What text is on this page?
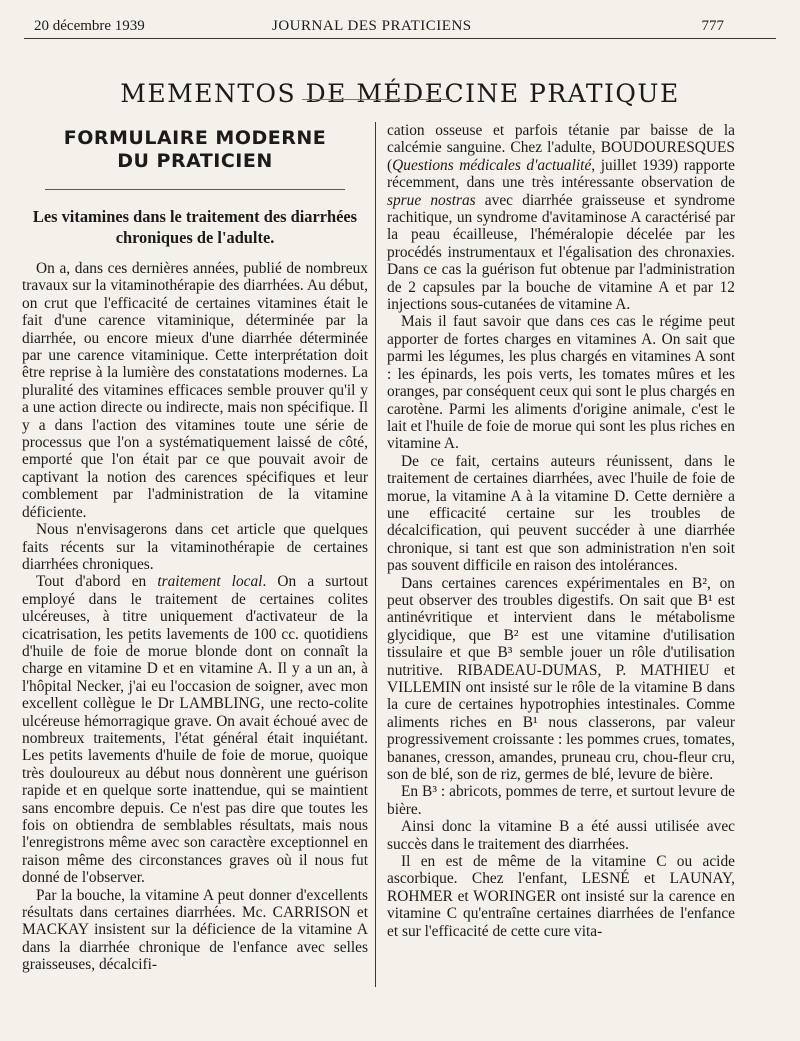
20 décembre 1939	JOURNAL DES PRATICIENS	777
MEMENTOS DE MÉDECINE PRATIQUE
FORMULAIRE MODERNE
DU PRATICIEN
Les vitamines dans le traitement des diarrhées
chroniques de l'adulte.

On a, dans ces dernières années, publié de nombreux travaux sur la vitaminothérapie des diarrhées. Au début, on crut que l'efficacité de certaines vitamines était le fait d'une carence vitaminique, déterminée par la diarrhée, ou encore mieux d'une diarrhée déterminée par une carence vitaminique. Cette interprétation doit être reprise à la lumière des constatations modernes. La pluralité des vitamines efficaces semble prouver qu'il y a une action directe ou indirecte, mais non spécifique. Il y a dans l'action des vitamines toute une série de processus que l'on a systématiquement laissé de côté, emporté que l'on était par ce que pouvait avoir de captivant la notion des carences spécifiques et leur comblement par l'administration de la vitamine déficiente.

Nous n'envisagerons dans cet article que quelques faits récents sur la vitaminothérapie de certaines diarrhées chroniques.

Tout d'abord en traitement local. On a surtout employé dans le traitement de certaines colites ulcéreuses, à titre uniquement d'activateur de la cicatrisation, les petits lavements de 100 cc. quotidiens d'huile de foie de morue blonde dont on connaît la charge en vitamine D et en vitamine A. Il y a un an, à l'hôpital Necker, j'ai eu l'occasion de soigner, avec mon excellent collègue le Dr LAMBLING, une recto-colite ulcéreuse hémorragique grave. On avait échoué avec de nombreux traitements, l'état général était inquiétant. Les petits lavements d'huile de foie de morue, quoique très douloureux au début nous donnèrent une guérison rapide et en quelque sorte inattendue, qui se maintient sans encombre depuis. Ce n'est pas dire que toutes les fois on obtiendra de semblables résultats, mais nous l'enregistrons même avec son caractère exceptionnel en raison même des circonstances graves où il nous fut donné de l'observer.

Par la bouche, la vitamine A peut donner d'excellents résultats dans certaines diarrhées. Mc. CARRISON et MACKAY insistent sur la déficience de la vitamine A dans la diarrhée chronique de l'enfance avec selles graisseuses, décalcifi-

cation osseuse et parfois tétanie par baisse de la calcémie sanguine. Chez l'adulte, BOUDOURESQUES (Questions médicales d'actualité, juillet 1939) rapporte récemment, dans une très intéressante observation de sprue nostras avec diarrhée graisseuse et syndrome rachitique, un syndrome d'avitaminose A caractérisé par la peau écailleuse, l'héméralopie décelée par les procédés instrumentaux et l'égalisation des chronaxies. Dans ce cas la guérison fut obtenue par l'administration de 2 capsules par la bouche de vitamine A et par 12 injections sous-cutanées de vitamine A.

Mais il faut savoir que dans ces cas le régime peut apporter de fortes charges en vitamines A. On sait que parmi les légumes, les plus chargés en vitamines A sont : les épinards, les pois verts, les tomates mûres et les oranges, par conséquent ceux qui sont le plus chargés en carotène. Parmi les aliments d'origine animale, c'est le lait et l'huile de foie de morue qui sont les plus riches en vitamine A.

De ce fait, certains auteurs réunissent, dans le traitement de certaines diarrhées, avec l'huile de foie de morue, la vitamine A à la vitamine D. Cette dernière a une efficacité certaine sur les troubles de décalcification, qui peuvent succéder à une diarrhée chronique, si tant est que son administration n'en soit pas souvent difficile en raison des intolérances.

Dans certaines carences expérimentales en B², on peut observer des troubles digestifs. On sait que B¹ est antinévritique et intervient dans le métabolisme glycidique, que B² est une vitamine d'utilisation tissulaire et que B³ semble jouer un rôle d'utilisation nutritive. RIBADEAU-DUMAS, P. MATHIEU et VILLEMIN ont insisté sur le rôle de la vitamine B dans la cure de certaines hypotrophies intestinales. Comme aliments riches en B¹ nous classerons, par valeur progressivement croissante : les pommes crues, tomates, bananes, cresson, amandes, pruneau cru, chou-fleur cru, son de blé, son de riz, germes de blé, levure de bière.

En B³ : abricots, pommes de terre, et surtout levure de bière.

Ainsi donc la vitamine B a été aussi utilisée avec succès dans le traitement des diarrhées.

Il en est de même de la vitamine C ou acide ascorbique. Chez l'enfant, LESNÉ et LAUNAY, ROHMER et WORINGER ont insisté sur la carence en vitamine C qu'entraîne certaines diarrhées de l'enfance et sur l'efficacité de cette cure vita-
